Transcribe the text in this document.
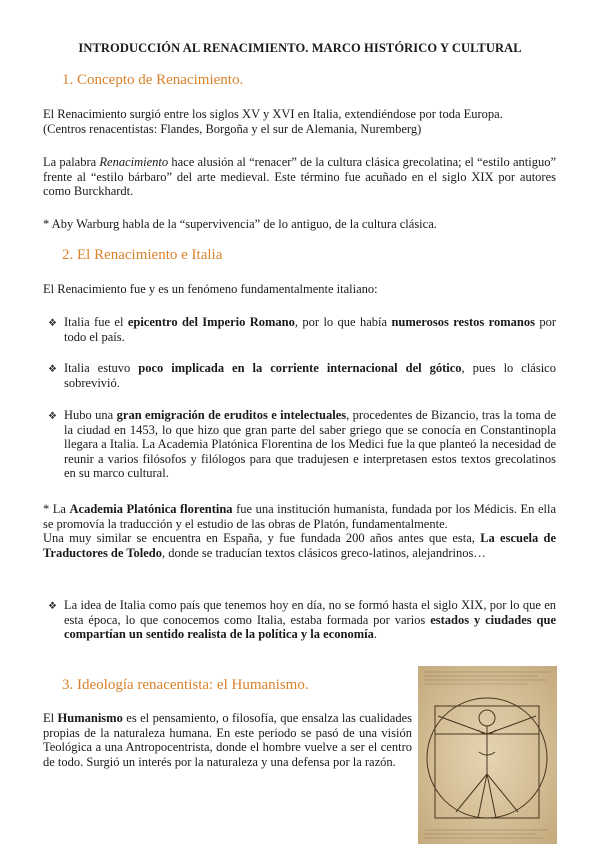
INTRODUCCIÓN AL RENACIMIENTO. MARCO HISTÓRICO Y CULTURAL
1. Concepto de Renacimiento.

El Renacimiento surgió entre los siglos XV y XVI en Italia, extendiéndose por toda Europa.
(Centros renacentistas: Flandes, Borgoña y el sur de Alemania, Nuremberg)

La palabra Renacimiento hace alusión al “renacer” de la cultura clásica grecolatina; el “estilo antiguo” frente al “estilo bárbaro” del arte medieval. Este término fue acuñado en el siglo XIX por autores como Burckhardt.

* Aby Warburg habla de la “supervivencia” de lo antiguo, de la cultura clásica.

2. El Renacimiento e Italia

El Renacimiento fue y es un fenómeno fundamentalmente italiano:

❖ Italia fue el epicentro del Imperio Romano, por lo que había numerosos restos romanos por todo el país.

❖ Italia estuvo poco implicada en la corriente internacional del gótico, pues lo clásico sobrevivió.

❖ Hubo una gran emigración de eruditos e intelectuales, procedentes de Bizancio, tras la toma de la ciudad en 1453, lo que hizo que gran parte del saber griego que se conocía en Constantinopla llegara a Italia. La Academia Platónica Florentina de los Medici fue la que planteó la necesidad de reunir a varios filósofos y filólogos para que tradujesen e interpretasen estos textos grecolatinos en su marco cultural.

* La Academia Platónica florentina fue una institución humanista, fundada por los Médicis. En ella se promovía la traducción y el estudio de las obras de Platón, fundamentalmente.
Una muy similar se encuentra en España, y fue fundada 200 años antes que esta, La escuela de Traductores de Toledo, donde se traducían textos clásicos greco-latinos, alejandrinos…

❖ La idea de Italia como país que tenemos hoy en día, no se formó hasta el siglo XIX, por lo que en esta época, lo que conocemos como Italia, estaba formada por varios estados y ciudades que compartían un sentido realista de la política y la economía.

3. Ideología renacentista: el Humanismo.

El Humanismo es el pensamiento, o filosofía, que ensalza las cualidades propias de la naturaleza humana. En este periodo se pasó de una visión Teológica a una Antropocentrista, donde el hombre vuelve a ser el centro de todo. Surgió un interés por la naturaleza y una defensa por la razón.
